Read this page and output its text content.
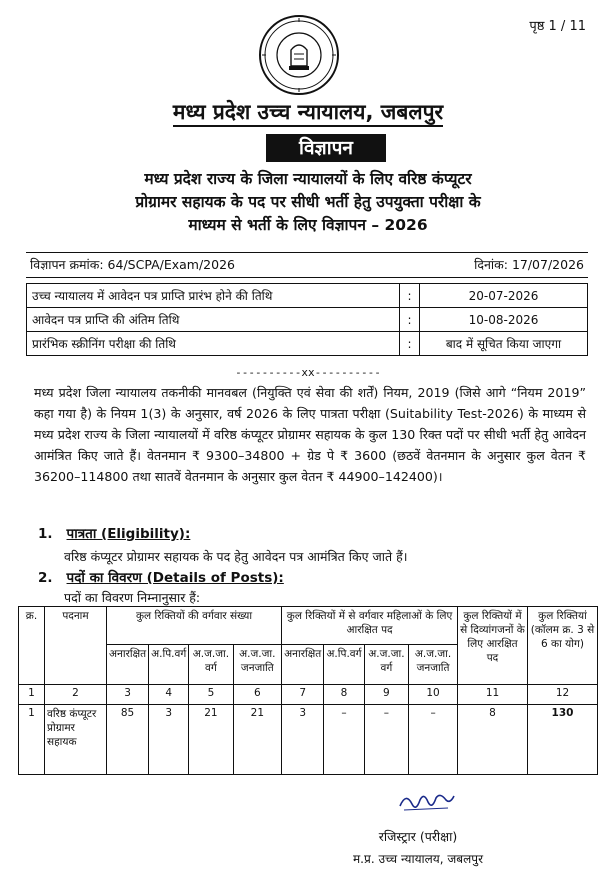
पृष्ठ 1 / 11
मध्य प्रदेश उच्च न्यायालय, जबलपुर
विज्ञापन
मध्य प्रदेश राज्य के जिला न्यायालयों के लिए वरिष्ठ कंप्यूटर
प्रोग्रामर सहायक के पद पर सीधी भर्ती हेतु उपयुक्ता परीक्षा के
माध्यम से भर्ती के लिए विज्ञापन – 2026
विज्ञापन क्रमांक: 64/SCPA/Exam/2026	दिनांक: 17/07/2026
उच्च न्यायालय में आवेदन पत्र प्राप्ति प्रारंभ होने की तिथि	:	20-07-2026
आवेदन पत्र प्राप्ति की अंतिम तिथि	:	10-08-2026
प्रारंभिक स्क्रीनिंग परीक्षा की तिथि	:	बाद में सूचित किया जाएगा
----------xx----------
मध्य प्रदेश जिला न्यायालय तकनीकी मानवबल (नियुक्ति एवं सेवा की शर्तें) नियम, 2019 (जिसे आगे “नियम 2019” कहा गया है) के नियम 1(3) के अनुसार, वर्ष 2026 के लिए पात्रता परीक्षा (Suitability Test-2026) के माध्यम से मध्य प्रदेश राज्य के जिला न्यायालयों में वरिष्ठ कंप्यूटर प्रोग्रामर सहायक के कुल 130 रिक्त पदों पर सीधी भर्ती हेतु आवेदन आमंत्रित किए जाते हैं। वेतनमान ₹ 9300–34800 + ग्रेड पे ₹ 3600 (छठवें वेतनमान के अनुसार कुल वेतन ₹ 36200–114800 तथा सातवें वेतनमान के अनुसार कुल वेतन ₹ 44900–142400)।
1. पात्रता (Eligibility):
वरिष्ठ कंप्यूटर प्रोग्रामर सहायक के पद हेतु आवेदन पत्र आमंत्रित किए जाते हैं।
2. पदों का विवरण (Details of Posts):
पदों का विवरण निम्नानुसार हैं:
क्र.	पदनाम	कुल रिक्तियों की वर्गवार संख्या				कुल रिक्तियों में से वर्गवार महिलाओं के लिए आरक्षित पद				कुल रिक्तियों में से दिव्यांगजनों के लिए आरक्षित पद	कुल रिक्तियां (कॉलम क्र. 3 से 6 का योग)
		अनारक्षित	अ.पि.वर्ग	अ.ज.जा. वर्ग	अ.ज.जा. जनजाति	अनारक्षित	अ.पि.वर्ग	अ.ज.जा. वर्ग	अ.ज.जा. जनजाति		
1	2	3	4	5	6	7	8	9	10	11	12
1	वरिष्ठ कंप्यूटर प्रोग्रामर सहायक	85	3	21	21	3	–	–	–	8	130
रजिस्ट्रार (परीक्षा)
म.प्र. उच्च न्यायालय, जबलपुर
